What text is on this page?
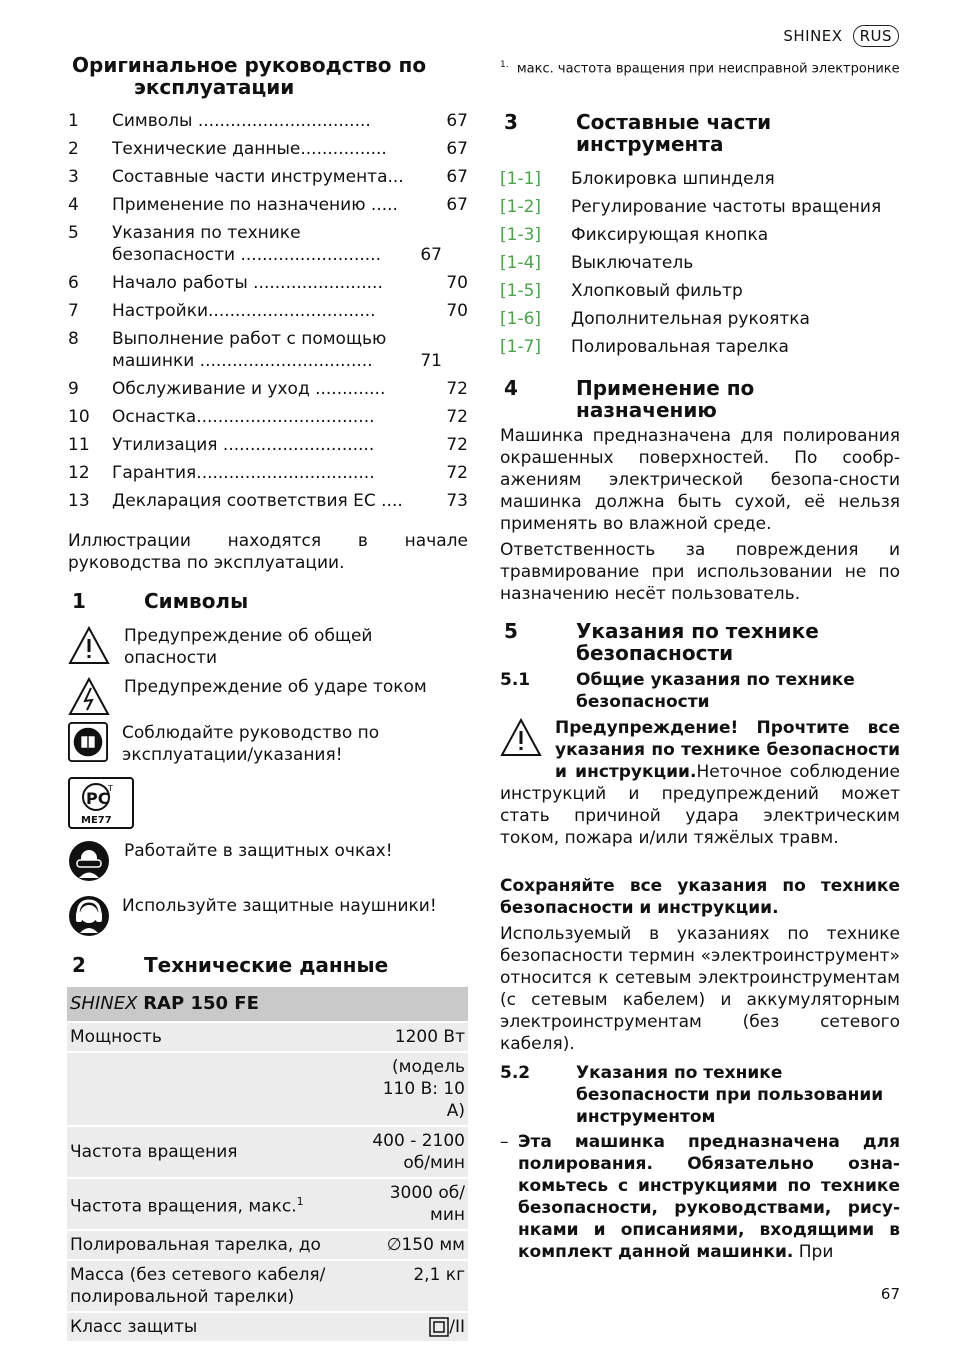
SHINEX	RUS
Оригинальное руководство по
эксплуатации
1	Символы ................................	67
2	Технические данные................	67
3	Составные части инструмента...	67
4	Применение по назначению .....	67
5	Указания по технике безопасности ..........................	67
6	Начало работы ........................	70
7	Настройки...............................	70
8	Выполнение работ с помощью машинки ................................	71
9	Обслуживание и уход .............	72
10	Оснастка.................................	72
11	Утилизация ............................	72
12	Гарантия.................................	72
13	Декларация соответствия ЕС ....	73
Иллюстрации находятся в начале руководства по эксплуатации.
1	Символы
Предупреждение об общей опасности
Предупреждение об ударе током
Соблюдайте руководство по эксплуатации/указания!
PC
T
ME77
Работайте в защитных очках!
Используйте защитные наушники!
2	Технические данные
SHINEX RAP 150 FE	
Мощность	1200 Вт
	(модель 110 В: 10 А)
Частота вращения	400 - 2100 об/мин
Частота вращения, макс.$^1$	3000 об/мин
Полировальная тарелка, до	∅150 мм
Масса (без сетевого кабеля/ полировальной тарелки)	2,1 кг
Класс защиты	/II
$^{1.}$ макс. частота вращения при неисправной электронике
3	Составные части инструмента
[1-1]	Блокировка шпинделя
[1-2]	Регулирование частоты вращения
[1-3]	Фиксирующая кнопка
[1-4]	Выключатель
[1-5]	Хлопковый фильтр
[1-6]	Дополнительная рукоятка
[1-7]	Полировальная тарелка
4	Применение по назначению
Машинка предназначена для полирования окрашенных поверхностей. По сообр-ажениям электрической безопа-сности машинка должна быть сухой, её нельзя применять во влажной среде.
Ответственность за повреждения и травмирование при использовании не по назначению несёт пользователь.
5	Указания по технике безопасности
5.1	Общие указания по технике безопасности
Предупреждение! Прочтите все указания по технике безопасности и инструкции.Неточное соблюдение инструкций и предупреждений может стать причиной удара электрическим током, пожара и/или тяжёлых травм.
Сохраняйте все указания по технике безопасности и инструкции.
Используемый в указаниях по технике безопасности термин «электроинструмент» относится к сетевым электроинструментам (с сетевым кабелем) и аккумуляторным электроинструментам (без сетевого кабеля).
5.2	Указания по технике безопасности при пользовании инструментом
– Эта машинка предназначена для полирования. Обязательно озна-комьтесь с инструкциями по технике безопасности, руководствами, рису-нками и описаниями, входящими в комплект данной машинки. При
67
